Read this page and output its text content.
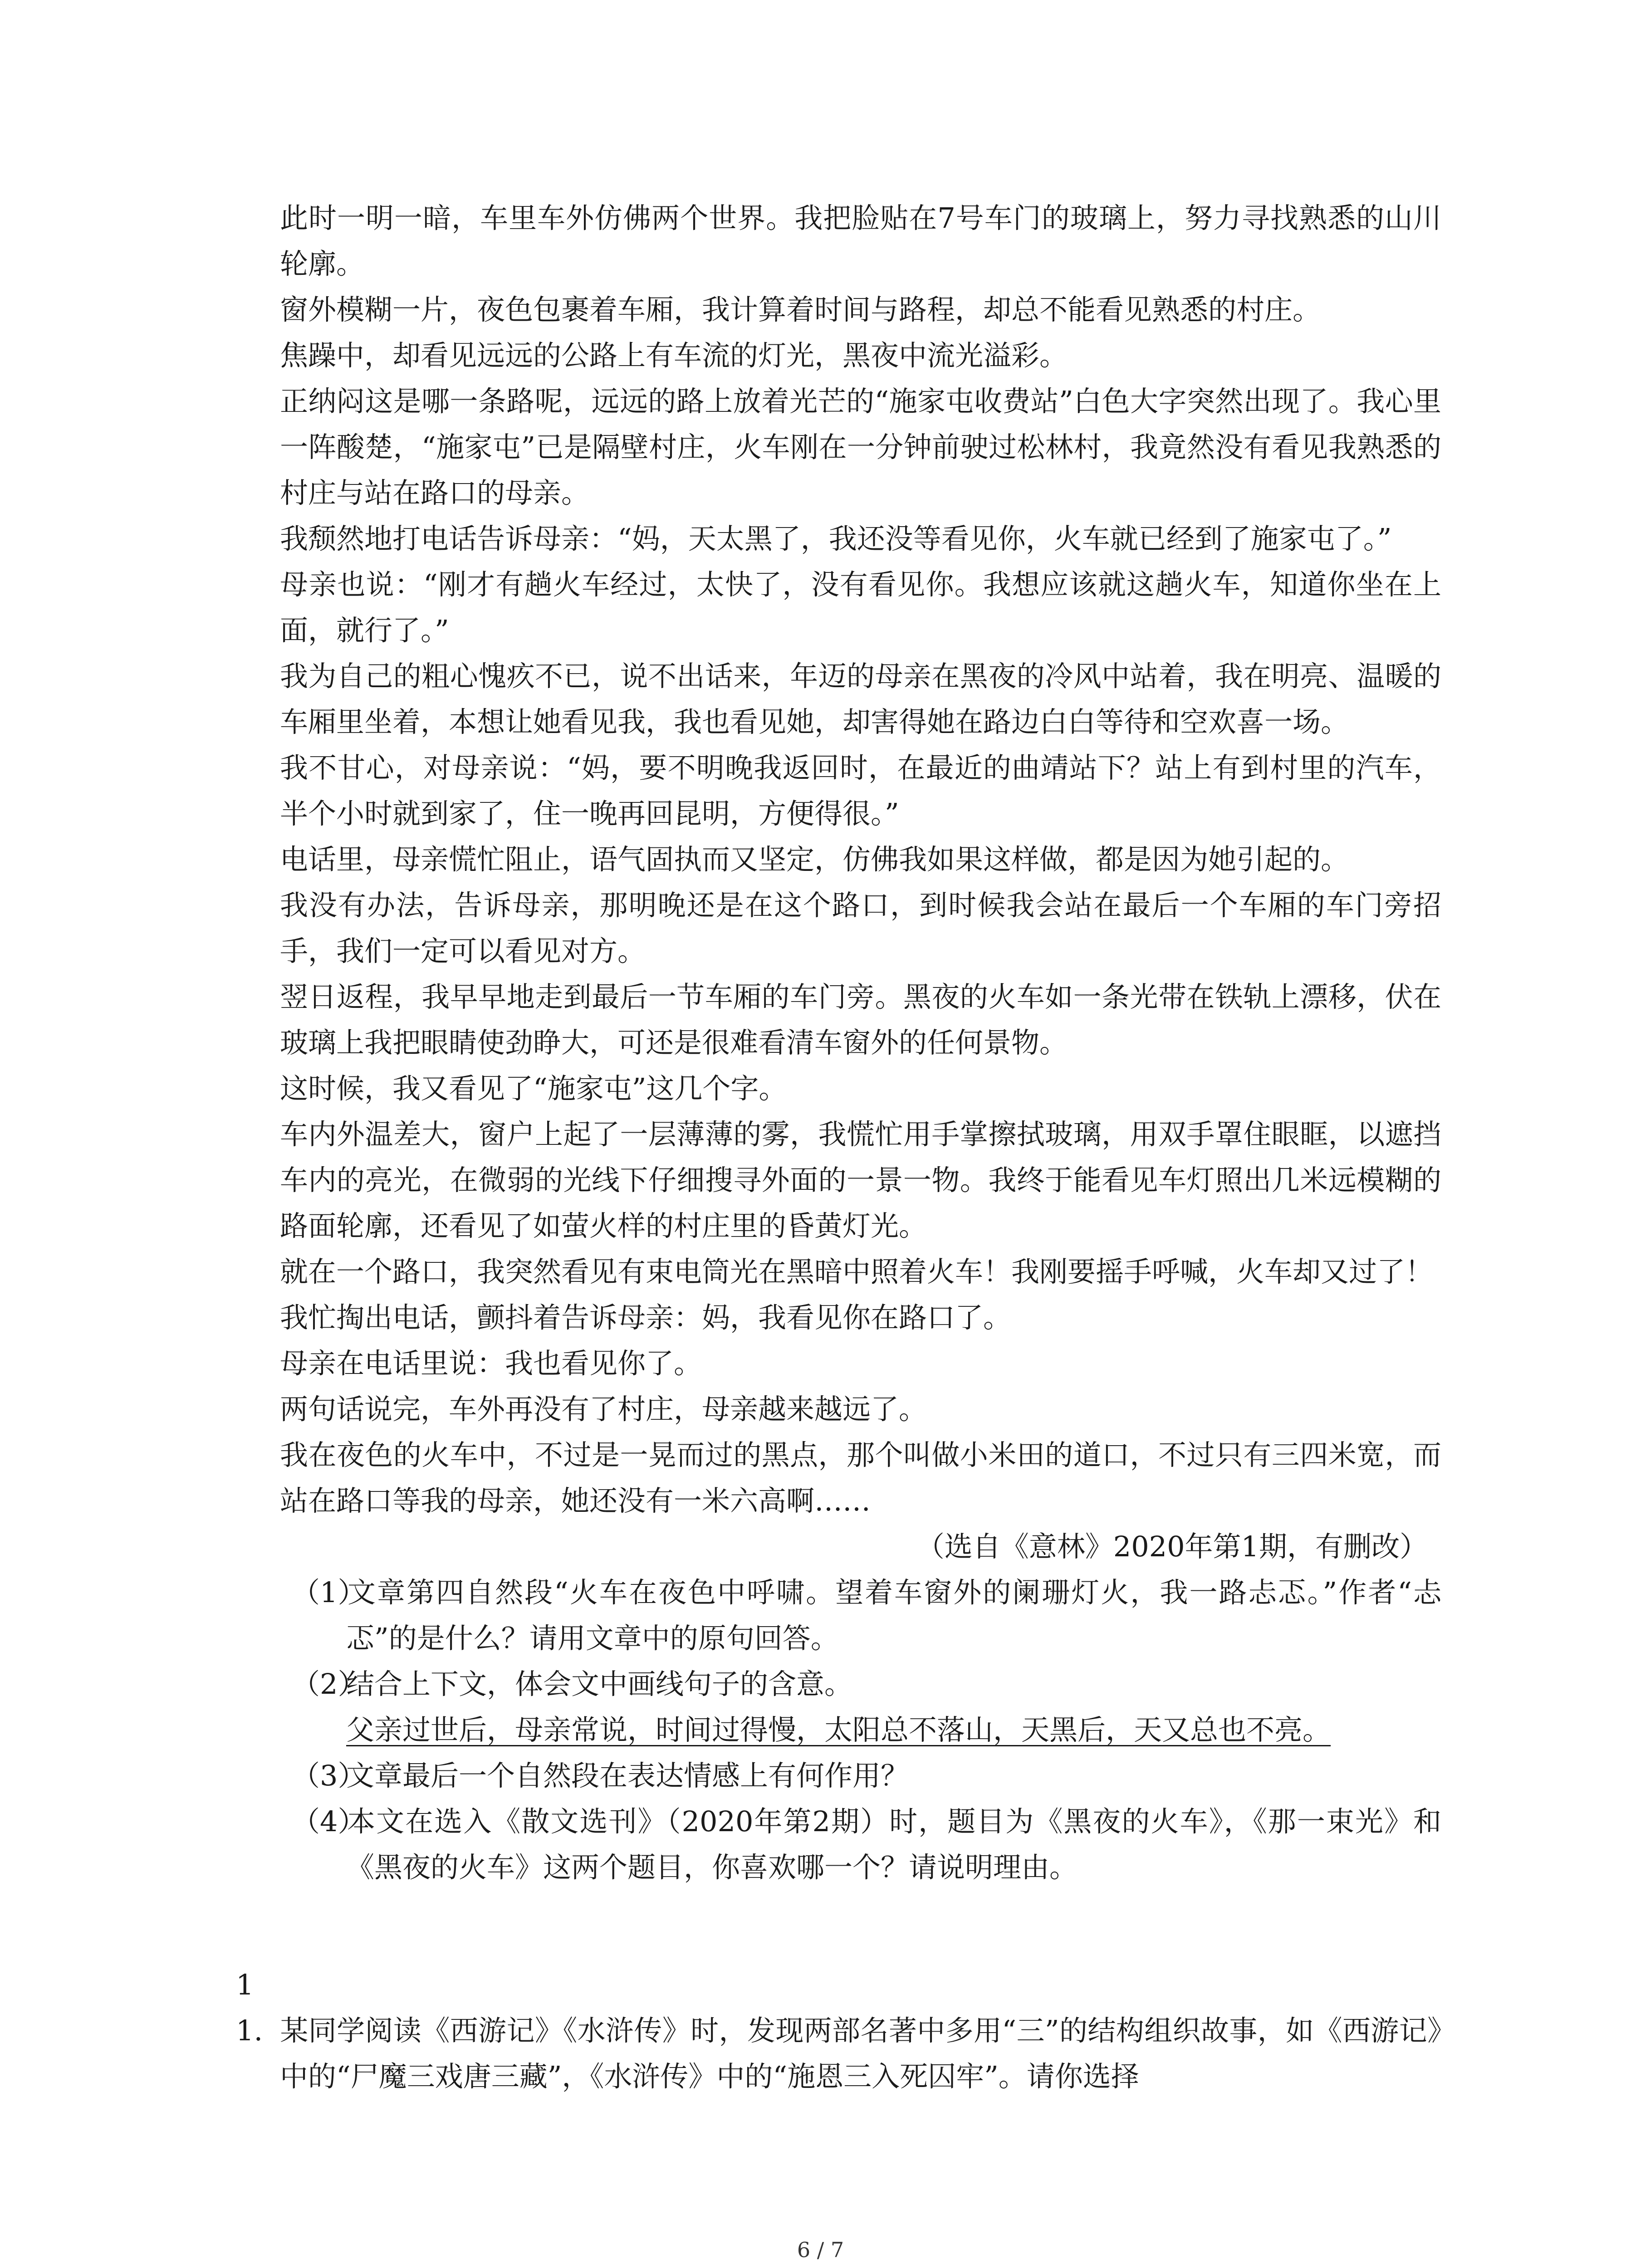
此时一明一暗，车里车外仿佛两个世界。我把脸贴在7号车门的玻璃上，努力寻找熟悉的山川轮廓。

窗外模糊一片，夜色包裹着车厢，我计算着时间与路程，却总不能看见熟悉的村庄。

焦躁中，却看见远远的公路上有车流的灯光，黑夜中流光溢彩。

正纳闷这是哪一条路呢，远远的路上放着光芒的“施家屯收费站”白色大字突然出现了。我心里一阵酸楚，“施家屯”已是隔壁村庄，火车刚在一分钟前驶过松林村，我竟然没有看见我熟悉的村庄与站在路口的母亲。

我颓然地打电话告诉母亲：“妈，天太黑了，我还没等看见你，火车就已经到了施家屯了。”

母亲也说：“刚才有趟火车经过，太快了，没有看见你。我想应该就这趟火车，知道你坐在上面，就行了。”

我为自己的粗心愧疚不已，说不出话来，年迈的母亲在黑夜的冷风中站着，我在明亮、温暖的车厢里坐着，本想让她看见我，我也看见她，却害得她在路边白白等待和空欢喜一场。

我不甘心，对母亲说：“妈，要不明晚我返回时，在最近的曲靖站下？站上有到村里的汽车，半个小时就到家了，住一晚再回昆明，方便得很。”

电话里，母亲慌忙阻止，语气固执而又坚定，仿佛我如果这样做，都是因为她引起的。

我没有办法，告诉母亲，那明晚还是在这个路口，到时候我会站在最后一个车厢的车门旁招手，我们一定可以看见对方。

翌日返程，我早早地走到最后一节车厢的车门旁。黑夜的火车如一条光带在铁轨上漂移，伏在玻璃上我把眼睛使劲睁大，可还是很难看清车窗外的任何景物。

这时候，我又看见了“施家屯”这几个字。

车内外温差大，窗户上起了一层薄薄的雾，我慌忙用手掌擦拭玻璃，用双手罩住眼眶，以遮挡车内的亮光，在微弱的光线下仔细搜寻外面的一景一物。我终于能看见车灯照出几米远模糊的路面轮廓，还看见了如萤火样的村庄里的昏黄灯光。

就在一个路口，我突然看见有束电筒光在黑暗中照着火车！我刚要摇手呼喊，火车却又过了！

我忙掏出电话，颤抖着告诉母亲：妈，我看见你在路口了。

母亲在电话里说：我也看见你了。

两句话说完，车外再没有了村庄，母亲越来越远了。

我在夜色的火车中，不过是一晃而过的黑点，那个叫做小米田的道口，不过只有三四米宽，而站在路口等我的母亲，她还没有一米六高啊……

（选自《意林》2020年第1期，有删改）

（1）文章第四自然段“火车在夜色中呼啸。望着车窗外的阑珊灯火，我一路忐忑。”作者“忐忑”的是什么？请用文章中的原句回答。

（2）结合上下文，体会文中画线句子的含意。

父亲过世后，母亲常说，时间过得慢，太阳总不落山，天黑后，天又总也不亮。

（3）文章最后一个自然段在表达情感上有何作用？

（4）本文在选入《散文选刊》（2020年第2期）时，题目为《黑夜的火车》，《那一束光》和《黑夜的火车》这两个题目，你喜欢哪一个？请说明理由。

11. 某同学阅读《西游记》《水浒传》时，发现两部名著中多用“三”的结构组织故事，如《西游记》中的“尸魔三戏唐三藏”，《水浒传》中的“施恩三入死囚牢”。请你选择

6 / 7
